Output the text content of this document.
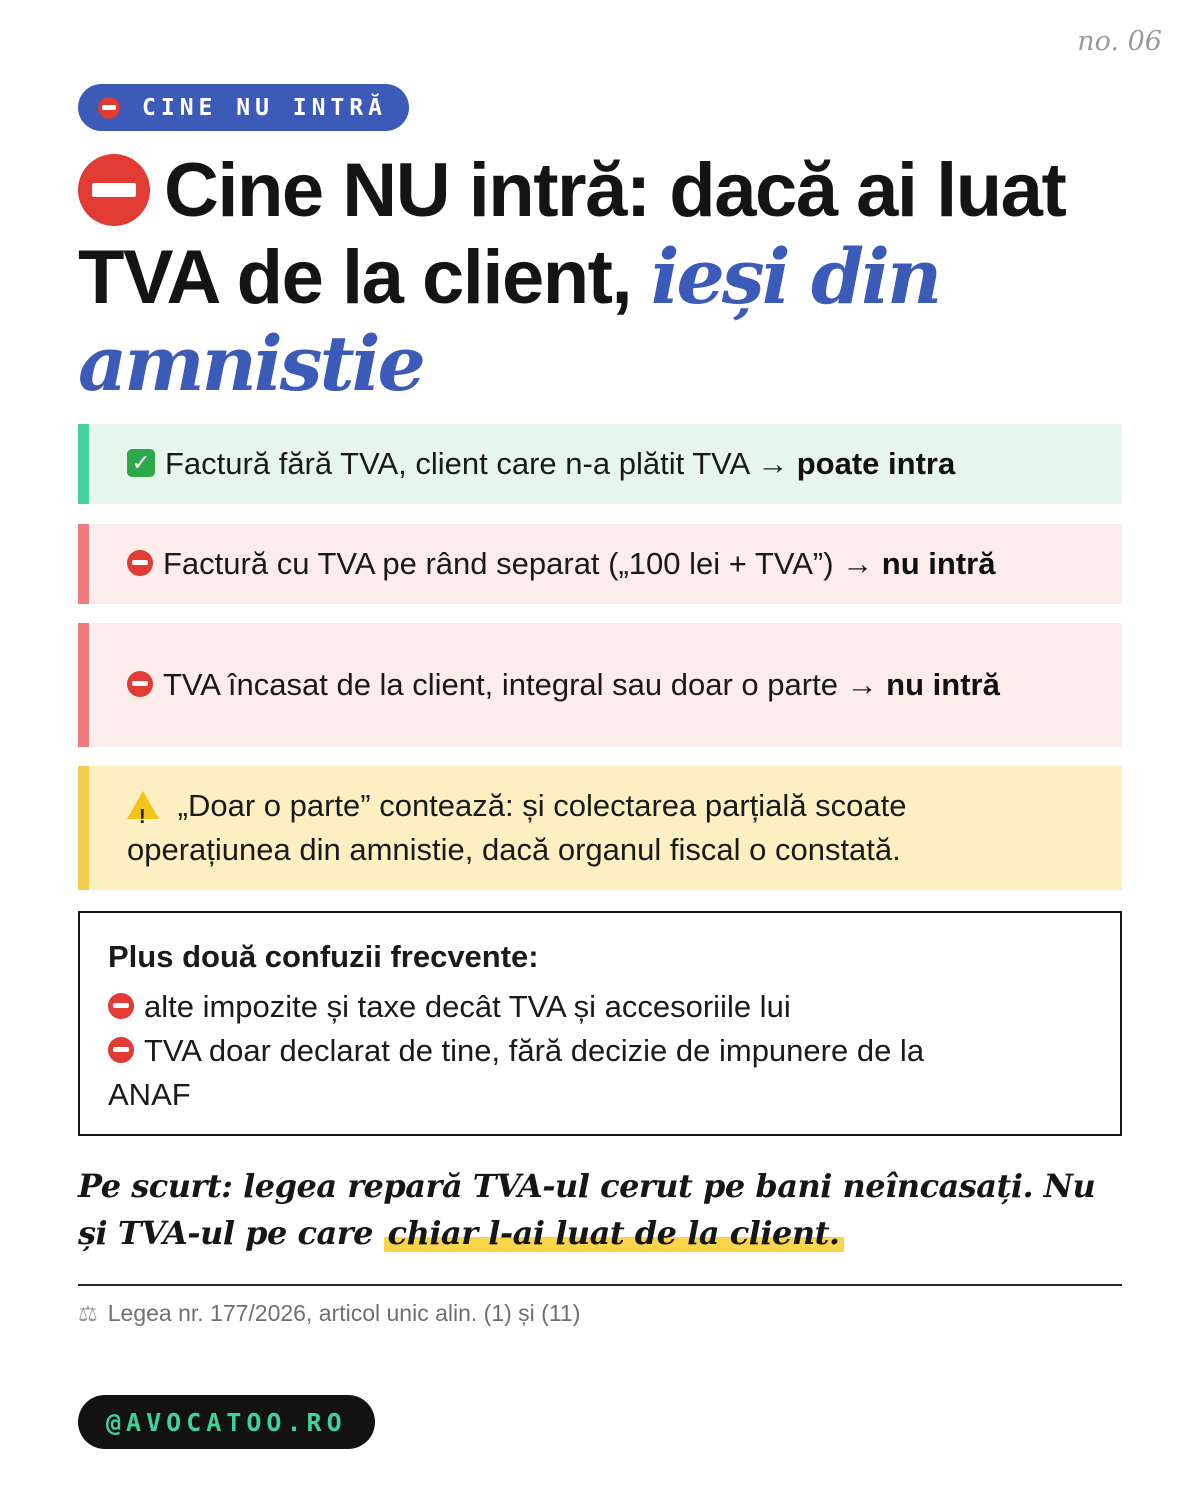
no. 06
CINE NU INTRĂ
Cine NU intră: dacă ai luat TVA de la client, ieși din amnistie
✓ Factură fără TVA, client care n-a plătit TVA → poate intra
Factură cu TVA pe rând separat („100 lei + TVA”) → nu intră
TVA încasat de la client, integral sau doar o parte → nu intră
! „Doar o parte” contează: și colectarea parțială scoate operațiunea din amnistie, dacă organul fiscal o constată.
Plus două confuzii frecvente:
alte impozite și taxe decât TVA și accesoriile lui
TVA doar declarat de tine, fără decizie de impunere de la ANAF
Pe scurt: legea repară TVA-ul cerut pe bani neîncasați. Nu și TVA-ul pe care chiar l-ai luat de la client.
⚖ Legea nr. 177/2026, articol unic alin. (1) și (11)
@AVOCATOO.RO
